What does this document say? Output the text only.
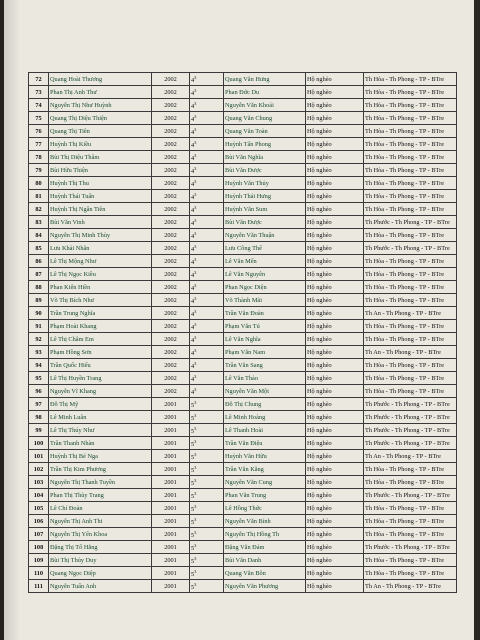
72	Quang Hoài Thương	2002	$4^3$	Quang Văn Hưng	Hộ nghèo	Th Hòa - Th Phong - TP - BTre
73	Phan Thị Anh Thư	2002	$4^3$	Phan Đức Du	Hộ nghèo	Th Hòa - Th Phong - TP - BTre
74	Nguyễn Thị Như Huỳnh	2002	$4^3$	Nguyễn Văn Khoái	Hộ nghèo	Th Hòa - Th Phong - TP - BTre
75	Quang Thị Diệu Thiện	2002	$4^3$	Quang Văn Chung	Hộ nghèo	Th Hòa - Th Phong - TP - BTre
76	Quang Thị Tiên	2002	$4^3$	Quang Văn Toàn	Hộ nghèo	Th Hòa - Th Phong - TP - BTre
77	Huỳnh Thị Kiều	2002	$4^3$	Huỳnh Tấn Phong	Hộ nghèo	Th Hòa - Th Phong - TP - BTre
78	Bùi Thị Diệu Thâm	2002	$4^3$	Bùi Văn Nghĩa	Hộ nghèo	Th Hòa - Th Phong - TP - BTre
79	Bùi Hữu Thiện	2002	$4^3$	Bùi Văn Được	Hộ nghèo	Th Hòa - Th Phong - TP - BTre
80	Huỳnh Thị Thu	2002	$4^3$	Huỳnh Văn Thủy	Hộ nghèo	Th Hòa - Th Phong - TP - BTre
81	Huỳnh Thái Tuấn	2002	$4^3$	Huỳnh Thái Hưng	Hộ nghèo	Th Hòa - Th Phong - TP - BTre
82	Huỳnh Thị Ngân Tiên	2002	$4^3$	Huỳnh Văn Sum	Hộ nghèo	Th Hòa - Th Phong - TP - BTre
83	Bùi Văn Vinh	2002	$4^3$	Bùi Văn Được	Hộ nghèo	Th Phước - Th Phong - TP - BTre
84	Nguyễn Thị Minh Thùy	2002	$4^3$	Nguyễn Văn Thuận	Hộ nghèo	Th Hòa - Th Phong - TP - BTre
85	Lưu Khải Nhân	2002	$4^3$	Lưu Công Thể	Hộ nghèo	Th Phước - Th Phong - TP - BTre
86	Lê Thị Mộng Như	2002	$4^3$	Lê Văn Mến	Hộ nghèo	Th Hòa - Th Phong - TP - BTre
87	Lê Thị Ngọc Kiều	2002	$4^3$	Lê Văn Nguyên	Hộ nghèo	Th Hòa - Th Phong - TP - BTre
88	Phan Kiến Hiền	2002	$4^3$	Phan Ngọc Diện	Hộ nghèo	Th Hòa - Th Phong - TP - BTre
89	Võ Thị Bích Như	2002	$4^3$	Võ Thành Mãi	Hộ nghèo	Th Hòa - Th Phong - TP - BTre
90	Trần Trung Nghĩa	2002	$4^3$	Trần Văn Đoàn	Hộ nghèo	Th An - Th Phong - TP - BTre
91	Phạm Hoài Khang	2002	$4^3$	Phạm Văn Tú	Hộ nghèo	Th Hòa - Th Phong - TP - BTre
92	Lê Thị Châm Em	2002	$4^3$	Lê Văn Nghĩa	Hộ nghèo	Th Hòa - Th Phong - TP - BTre
93	Phạm Hồng Sơn	2002	$4^3$	Phạm Văn Nam	Hộ nghèo	Th An - Th Phong - TP - BTre
94	Trần Quốc Hiếu	2002	$4^3$	Trần Văn Sang	Hộ nghèo	Th Hòa - Th Phong - TP - BTre
95	Lê Thị Huyền Trang	2002	$4^3$	Lê Văn Thảo	Hộ nghèo	Th Hòa - Th Phong - TP - BTre
96	Nguyễn Vĩ Khang	2002	$4^3$	Nguyễn Văn Một	Hộ nghèo	Th Hòa - Th Phong - TP - BTre
97	Đỗ Thị Mỹ	2001	$5^3$	Đỗ Thị Chung	Hộ nghèo	Th Phước - Th Phong - TP - BTre
98	Lê Minh Luân	2001	$5^3$	Lê Minh Hoàng	Hộ nghèo	Th Phước - Th Phong - TP - BTre
99	Lê Thị Thúy Như	2001	$5^3$	Lê Thanh Hoài	Hộ nghèo	Th Phước - Th Phong - TP - BTre
100	Trần Thanh Nhàn	2001	$5^3$	Trần Văn Điệu	Hộ nghèo	Th Phước - Th Phong - TP - BTre
101	Huỳnh Thị Bé Nga	2001	$5^3$	Huỳnh Văn Hữu	Hộ nghèo	Th An - Th Phong - TP - BTre
102	Trần Thị Kim Phương	2001	$5^3$	Trần Văn Kăng	Hộ nghèo	Th Hòa - Th Phong - TP - BTre
103	Nguyễn Thị Thanh Tuyền	2001	$5^3$	Nguyễn Văn Cung	Hộ nghèo	Th Hòa - Th Phong - TP - BTre
104	Phan Thị Thùy Trang	2001	$5^3$	Phan Văn Trung	Hộ nghèo	Th Phước - Th Phong - TP - BTre
105	Lê Chí Đoàn	2001	$5^3$	Lê Hồng Thức	Hộ nghèo	Th Hòa - Th Phong - TP - BTre
106	Nguyễn Thị Anh Thi	2001	$5^3$	Nguyễn Văn Bính	Hộ nghèo	Th Hòa - Th Phong - TP - BTre
107	Nguyễn Thị Yến Khoa	2001	$5^3$	Nguyễn Thị Hồng Th	Hộ nghèo	Th Hòa - Th Phong - TP - BTre
108	Đặng Thị Tố Hằng	2001	$5^3$	Đặng Văn Đảm	Hộ nghèo	Th Phước - Th Phong - TP - BTre
109	Bùi Thị Thủy Duy	2001	$5^3$	Bùi Văn Danh	Hộ nghèo	Th Hòa - Th Phong - TP - BTre
110	Quang Ngọc Diệp	2001	$5^3$	Quang Văn Bôn	Hộ nghèo	Th Hòa - Th Phong - TP - BTre
111	Nguyễn Tuấn Anh	2001	$5^3$	Nguyễn Văn Phương	Hộ nghèo	Th An - Th Phong - TP - BTre
